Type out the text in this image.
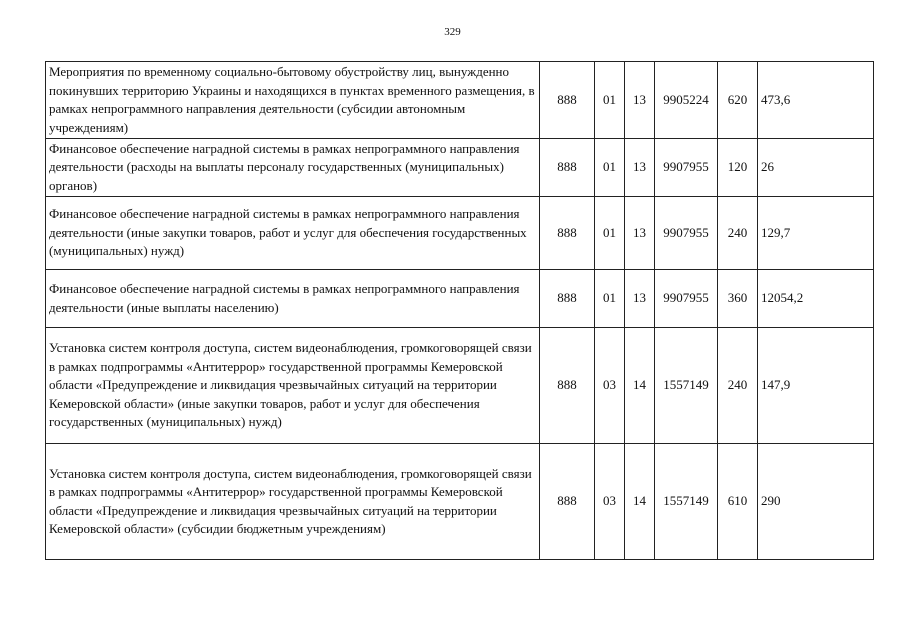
329
Мероприятия по временному социально-бытовому обустройству лиц, вынужденно покинувших территорию Украины и находящихся в пунктах временного размещения, в рамках непрограммного направления деятельности (субсидии автономным учреждениям)	888	01	13	9905224	620	473,6
Финансовое обеспечение наградной системы в рамках непрограммного направления деятельности (расходы на выплаты персоналу государственных (муниципальных) органов)	888	01	13	9907955	120	26
Финансовое обеспечение наградной системы в рамках непрограммного направления деятельности (иные закупки товаров, работ и услуг для обеспечения государственных (муниципальных) нужд)	888	01	13	9907955	240	129,7
Финансовое обеспечение наградной системы в рамках непрограммного направления деятельности (иные выплаты населению)	888	01	13	9907955	360	12054,2
Установка систем контроля доступа, систем видеонаблюдения, громкоговорящей связи в рамках подпрограммы «Антитеррор» государственной программы Кемеровской области «Предупреждение и ликвидация чрезвычайных ситуаций на территории Кемеровской области» (иные закупки товаров, работ и услуг для обеспечения государственных (муниципальных) нужд)	888	03	14	1557149	240	147,9
Установка систем контроля доступа, систем видеонаблюдения, громкоговорящей связи в рамках подпрограммы «Антитеррор» государственной программы Кемеровской области «Предупреждение и ликвидация чрезвычайных ситуаций на территории Кемеровской области» (субсидии бюджетным учреждениям)	888	03	14	1557149	610	290
